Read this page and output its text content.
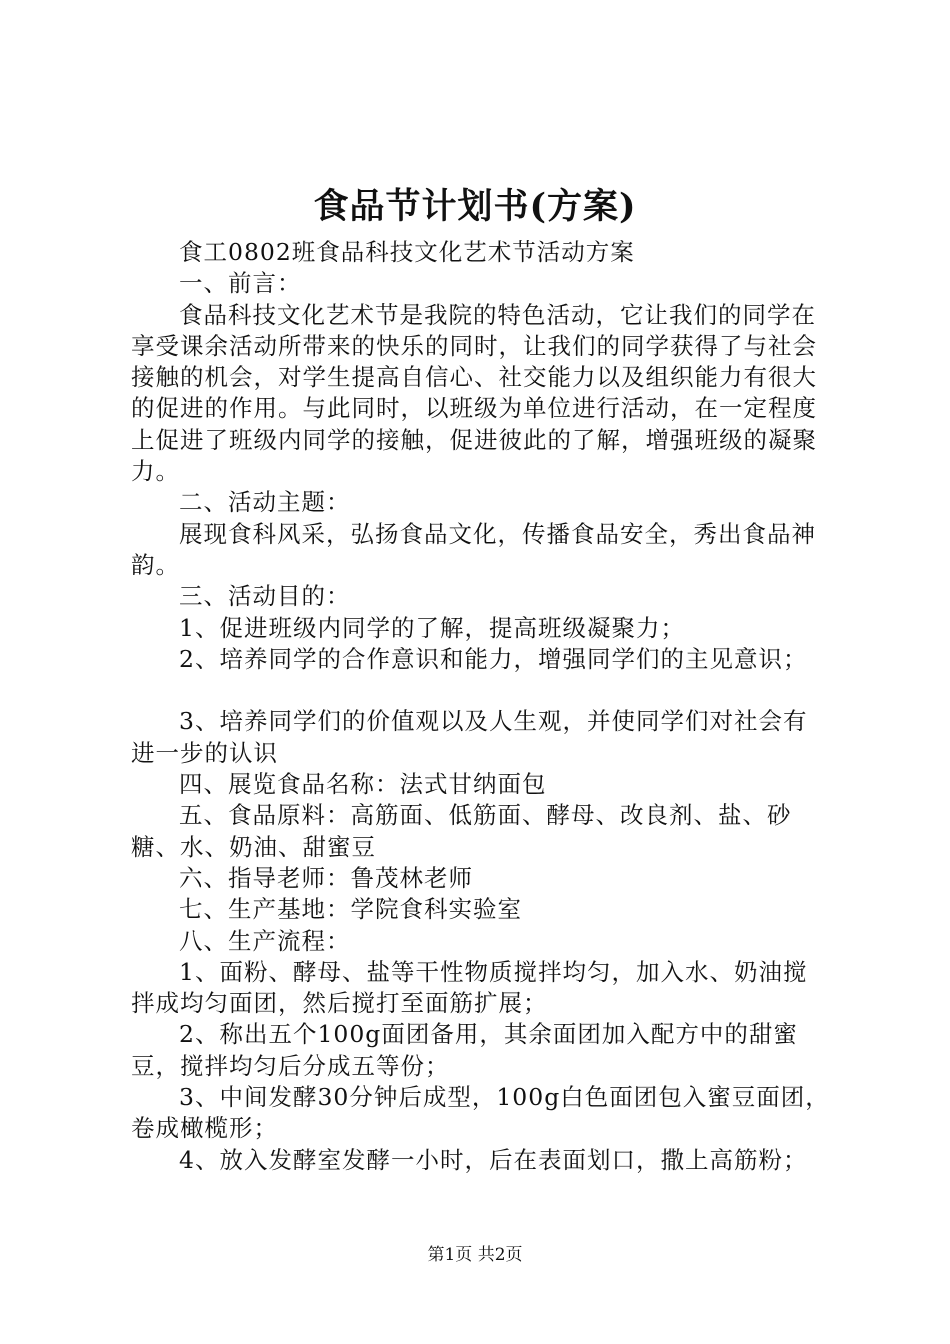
食品节计划书(方案)

食工0802班食品科技文化艺术节活动方案

一、前言：

食品科技文化艺术节是我院的特色活动，它让我们的同学在享受课余活动所带来的快乐的同时，让我们的同学获得了与社会接触的机会，对学生提高自信心、社交能力以及组织能力有很大的促进的作用。与此同时，以班级为单位进行活动，在一定程度上促进了班级内同学的接触，促进彼此的了解，增强班级的凝聚力。

二、活动主题：

展现食科风采，弘扬食品文化，传播食品安全，秀出食品神韵。

三、活动目的：

1、促进班级内同学的了解，提高班级凝聚力；

2、培养同学的合作意识和能力，增强同学们的主见意识；

3、培养同学们的价值观以及人生观，并使同学们对社会有进一步的认识

四、展览食品名称：法式甘纳面包

五、食品原料：高筋面、低筋面、酵母、改良剂、盐、砂糖、水、奶油、甜蜜豆

六、指导老师：鲁茂林老师

七、生产基地：学院食科实验室

八、生产流程：

1、面粉、酵母、盐等干性物质搅拌均匀，加入水、奶油搅拌成均匀面团，然后搅打至面筋扩展；

2、称出五个100g面团备用，其余面团加入配方中的甜蜜豆，搅拌均匀后分成五等份；

3、中间发酵30分钟后成型，100g白色面团包入蜜豆面团，卷成橄榄形；

4、放入发酵室发酵一小时，后在表面划口，撒上高筋粉；

第1页 共2页
